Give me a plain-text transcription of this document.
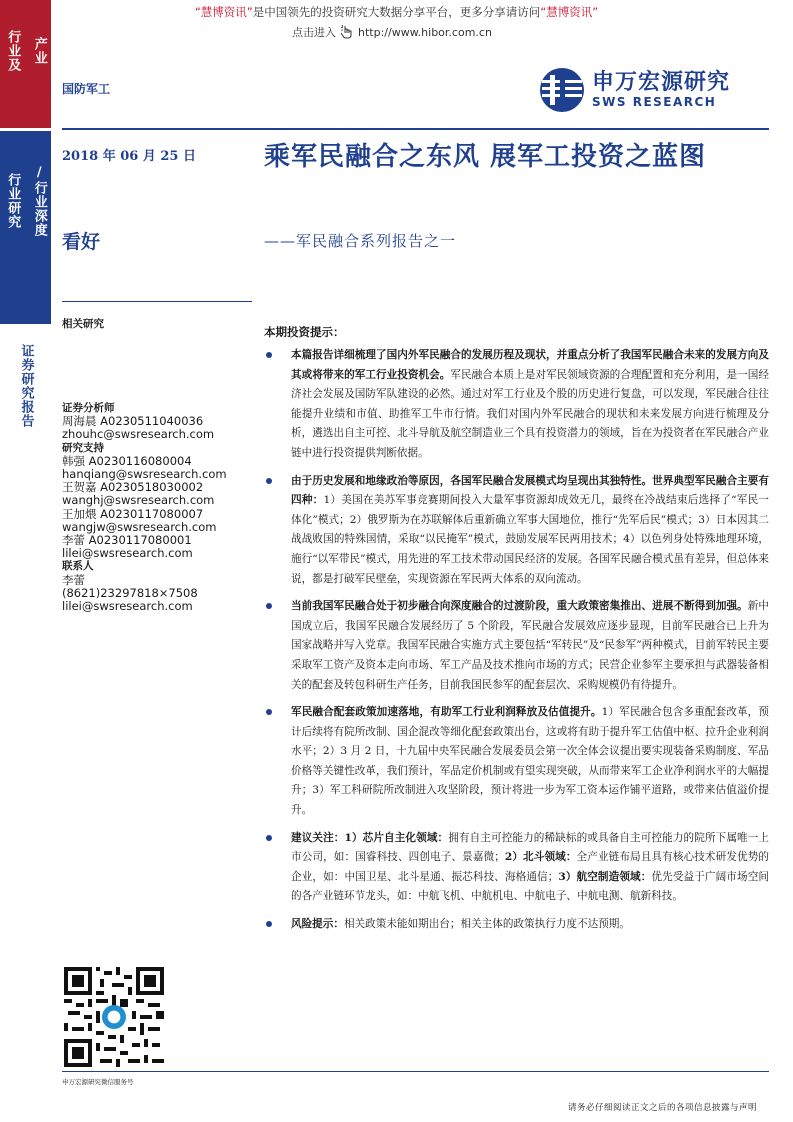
“慧博资讯”是中国领先的投资研究大数据分享平台，更多分享请访问“慧博资讯”
点击进入 http://www.hibor.com.cn
行业及 产业
行业研究 /行业深度
证券研究报告
国防军工	申万宏源研究
SWS RESEARCH
2018 年 06 月 25 日
看好
乘军民融合之东风 展军工投资之蓝图
——军民融合系列报告之一
相关研究
证券分析师
周海晨 A0230511040036
zhouhc@swsresearch.com
研究支持
韩强 A0230116080004
hanqiang@swsresearch.com
王贺嘉 A0230518030002
wanghj@swsresearch.com
王加煨 A0230117080007
wangjw@swsresearch.com
李蕾 A0230117080001
lilei@swsresearch.com
联系人
李蕾
(8621)23297818×7508
lilei@swsresearch.com
申万宏源研究微信服务号
本期投资提示：
本篇报告详细梳理了国内外军民融合的发展历程及现状，并重点分析了我国军民融合未来的发展方向及其或将带来的军工行业投资机会。军民融合本质上是对军民领域资源的合理配置和充分利用，是一国经济社会发展及国防军队建设的必然。通过对军工行业及个股的历史进行复盘，可以发现，军民融合往往能提升业绩和市值、助推军工牛市行情。我们对国内外军民融合的现状和未来发展方向进行梳理及分析，遴选出自主可控、北斗导航及航空制造业三个具有投资潜力的领域，旨在为投资者在军民融合产业链中进行投资提供判断依据。
由于历史发展和地缘政治等原因，各国军民融合发展模式均呈现出其独特性。世界典型军民融合主要有四种：1）美国在美苏军事竞赛期间投入大量军事资源却成效无几，最终在冷战结束后选择了“军民一体化”模式；2）俄罗斯为在苏联解体后重新确立军事大国地位，推行“先军后民”模式；3）日本因其二战战败国的特殊国情，采取“以民掩军”模式，鼓励发展军民两用技术；4）以色列身处特殊地理环境，施行“以军带民”模式，用先进的军工技术带动国民经济的发展。各国军民融合模式虽有差异，但总体来说，都是打破军民壁垒，实现资源在军民两大体系的双向流动。
当前我国军民融合处于初步融合向深度融合的过渡阶段，重大政策密集推出、进展不断得到加强。新中国成立后，我国军民融合发展经历了 5 个阶段，军民融合发展效应逐步显现，目前军民融合已上升为国家战略并写入党章。我国军民融合实施方式主要包括“军转民”及“民参军”两种模式，目前军转民主要采取军工资产及资本走向市场、军工产品及技术推向市场的方式；民营企业参军主要承担与武器装备相关的配套及转包科研生产任务，目前我国民参军的配套层次、采购规模仍有待提升。
军民融合配套政策加速落地，有助军工行业利润释放及估值提升。1）军民融合包含多重配套改革，预计后续将有院所改制、国企混改等细化配套政策出台，这或将有助于提升军工估值中枢、拉升企业利润水平；2）3 月 2 日，十九届中央军民融合发展委员会第一次全体会议提出要实现装备采购制度、军品价格等关键性改革，我们预计，军品定价机制或有望实现突破，从而带来军工企业净利润水平的大幅提升；3）军工科研院所改制进入攻坚阶段，预计将进一步为军工资本运作铺平道路，或带来估值溢价提升。
建议关注：1）芯片自主化领域：拥有自主可控能力的稀缺标的或具备自主可控能力的院所下属唯一上市公司，如：国睿科技、四创电子、景嘉微；2）北斗领域：全产业链布局且具有核心技术研发优势的企业，如：中国卫星、北斗星通、振芯科技、海格通信；3）航空制造领域：优先受益于广阔市场空间的各产业链环节龙头，如：中航飞机、中航机电、中航电子、中航电测、航新科技。
风险提示：相关政策未能如期出台；相关主体的政策执行力度不达预期。
请务必仔细阅读正文之后的各项信息披露与声明
